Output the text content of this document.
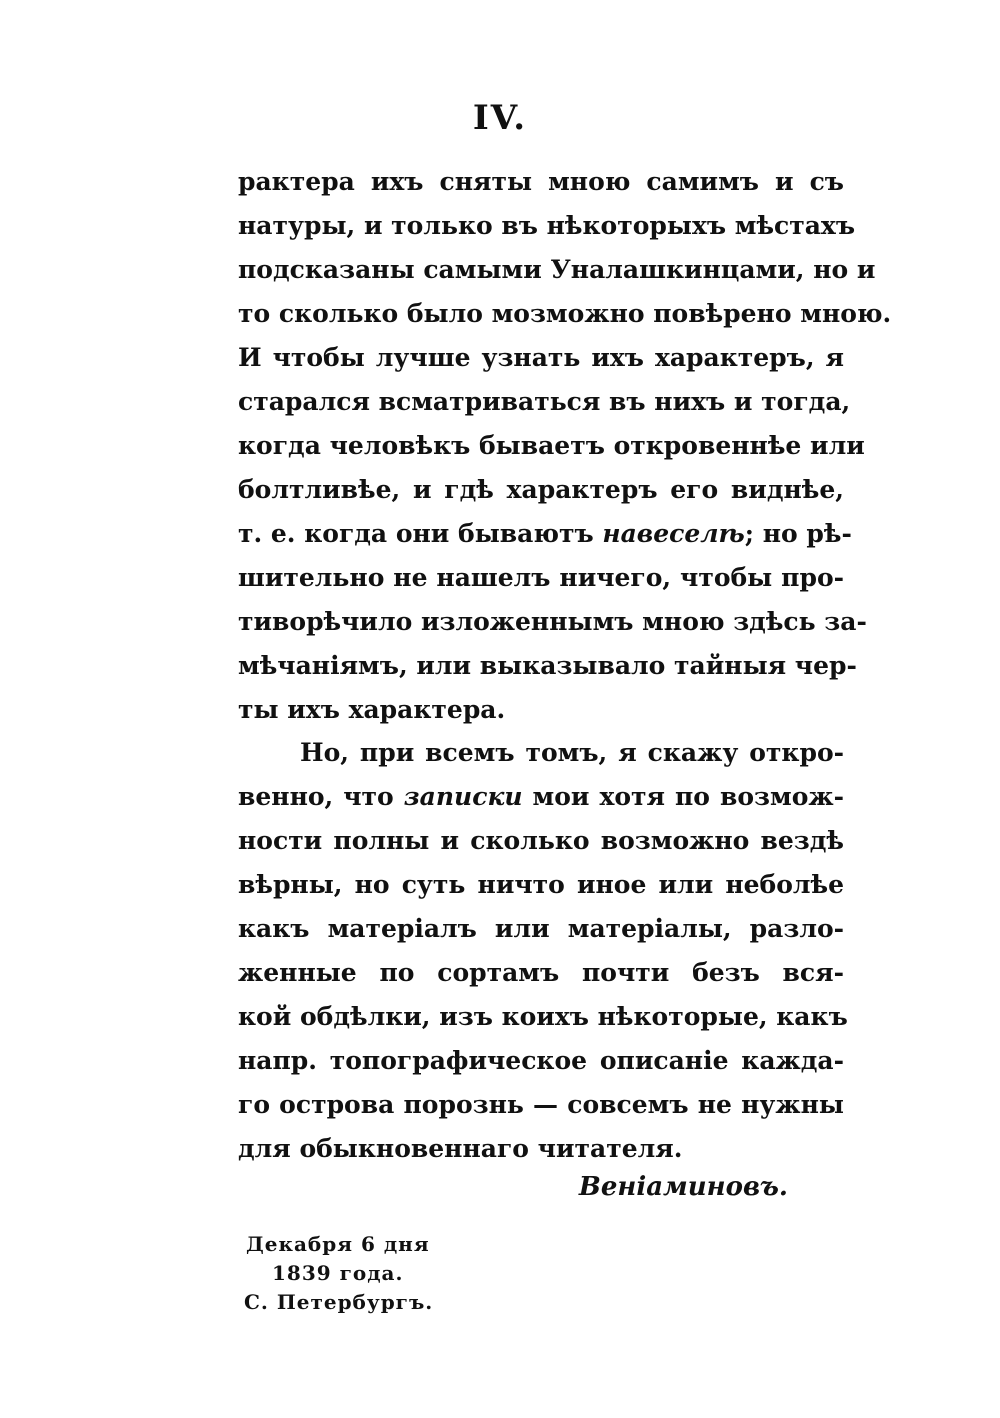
IV.
рактера ихъ сняты мною самимъ и съ
натуры, и только въ нѣкоторыхъ мѣстахъ
подсказаны самыми Уналашкинцами, но и
то сколько было мозможно повѣрено мною.
И чтобы лучше узнать ихъ характеръ, я
старался всматриваться въ нихъ и тогда,
когда человѣкъ бываетъ откровеннѣе или
болтливѣе, и гдѣ характеръ его виднѣе,
т. е. когда они бываютъ навеселѣ; но рѣ-
шительно не нашелъ ничего, чтобы про-
тиворѣчило изложеннымъ мною здѣсь за-
мѣчаніямъ, или выказывало тайныя чер-
ты ихъ характера.
Но, при всемъ томъ, я скажу откро-
венно, что записки мои хотя по возмож-
ности полны и сколько возможно вездѣ
вѣрны, но суть ничто иное или неболѣе
какъ матеріалъ или матеріалы, разло-
женные по сортамъ почти безъ вся-
кой обдѣлки, изъ коихъ нѣкоторые, какъ
напр. топографическое описаніе кажда-
го острова порознь — совсемъ не нужны
для обыкновеннаго читателя.
Веніаминовъ.
Декабря 6 дня
1839 года.
С. Петербургъ.
